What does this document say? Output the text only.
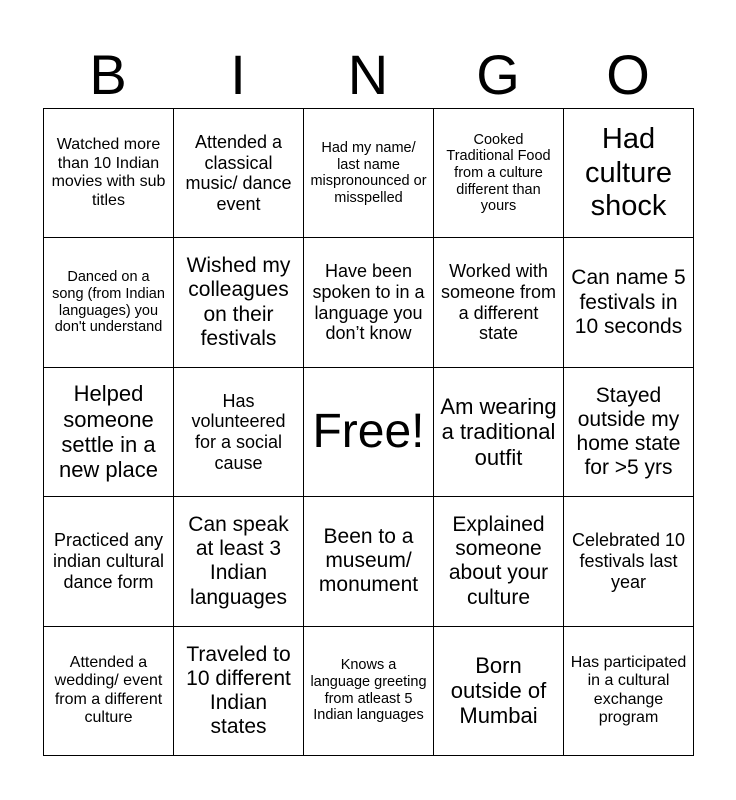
B	I	N	G	O
Watched more than 10 Indian movies with sub titles	Attended a classical music/ dance event	Had my name/ last name mispronounced or misspelled	Cooked Traditional Food from a culture different than yours	Had culture shock
Danced on a song (from Indian languages) you don't understand	Wished my colleagues on their festivals	Have been spoken to in a language you don’t know	Worked with someone from a different state	Can name 5 festivals in 10 seconds
Helped someone settle in a new place	Has volunteered for a social cause	Free!	Am wearing a traditional outfit	Stayed outside my home state for >5 yrs
Practiced any indian cultural dance form	Can speak at least 3 Indian languages	Been to a museum/ monument	Explained someone about your culture	Celebrated 10 festivals last year
Attended a wedding/ event from a different culture	Traveled to 10 different Indian states	Knows a language greeting from atleast 5 Indian languages	Born outside of Mumbai	Has participated in a cultural exchange program
